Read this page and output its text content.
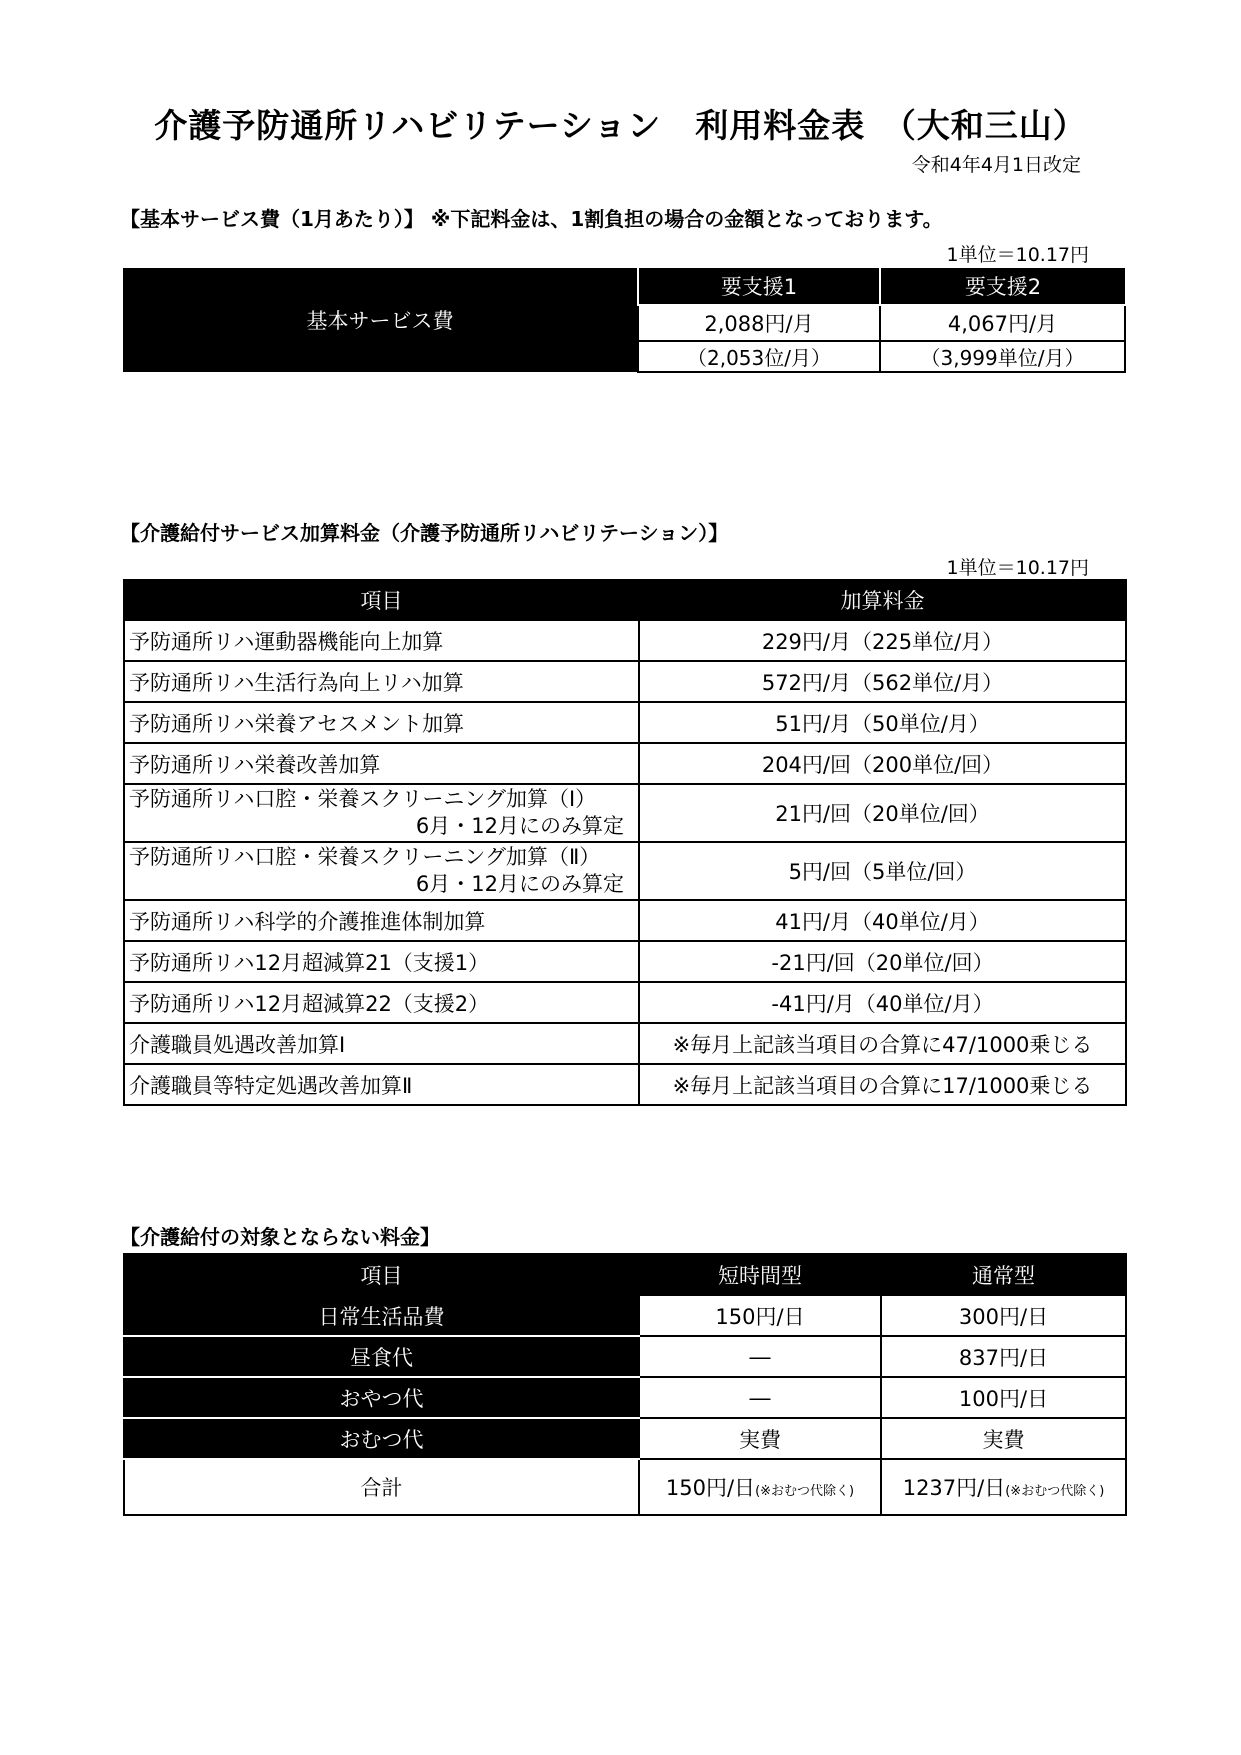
介護予防通所リハビリテーション　利用料金表　（大和三山）
令和4年4月1日改定
【基本サービス費（1月あたり）】 ※下記料金は、1割負担の場合の金額となっております。
1単位＝10.17円
基本サービス費	要支援1	要支援2
	2,088円/月	4,067円/月
	（2,053位/月）	（3,999単位/月）
【介護給付サービス加算料金（介護予防通所リハビリテーション）】
1単位＝10.17円
項目	加算料金
予防通所リハ運動器機能向上加算	229円/月（225単位/月）
予防通所リハ生活行為向上リハ加算	572円/月（562単位/月）
予防通所リハ栄養アセスメント加算	51円/月（50単位/月）
予防通所リハ栄養改善加算	204円/回（200単位/回）
予防通所リハ口腔・栄養スクリーニング加算（Ⅰ）
6月・12月にのみ算定	21円/回（20単位/回）
予防通所リハ口腔・栄養スクリーニング加算（Ⅱ）
6月・12月にのみ算定	5円/回（5単位/回）
予防通所リハ科学的介護推進体制加算	41円/月（40単位/月）
予防通所リハ12月超減算21（支援1）	-21円/回（20単位/回）
予防通所リハ12月超減算22（支援2）	-41円/月（40単位/月）
介護職員処遇改善加算Ⅰ	※毎月上記該当項目の合算に47/1000乗じる
介護職員等特定処遇改善加算Ⅱ	※毎月上記該当項目の合算に17/1000乗じる
【介護給付の対象とならない料金】
項目	短時間型	通常型
日常生活品費	150円/日	300円/日
昼食代	―	837円/日
おやつ代	―	100円/日
おむつ代	実費	実費
合計	150円/日(※おむつ代除く)	1237円/日(※おむつ代除く)
